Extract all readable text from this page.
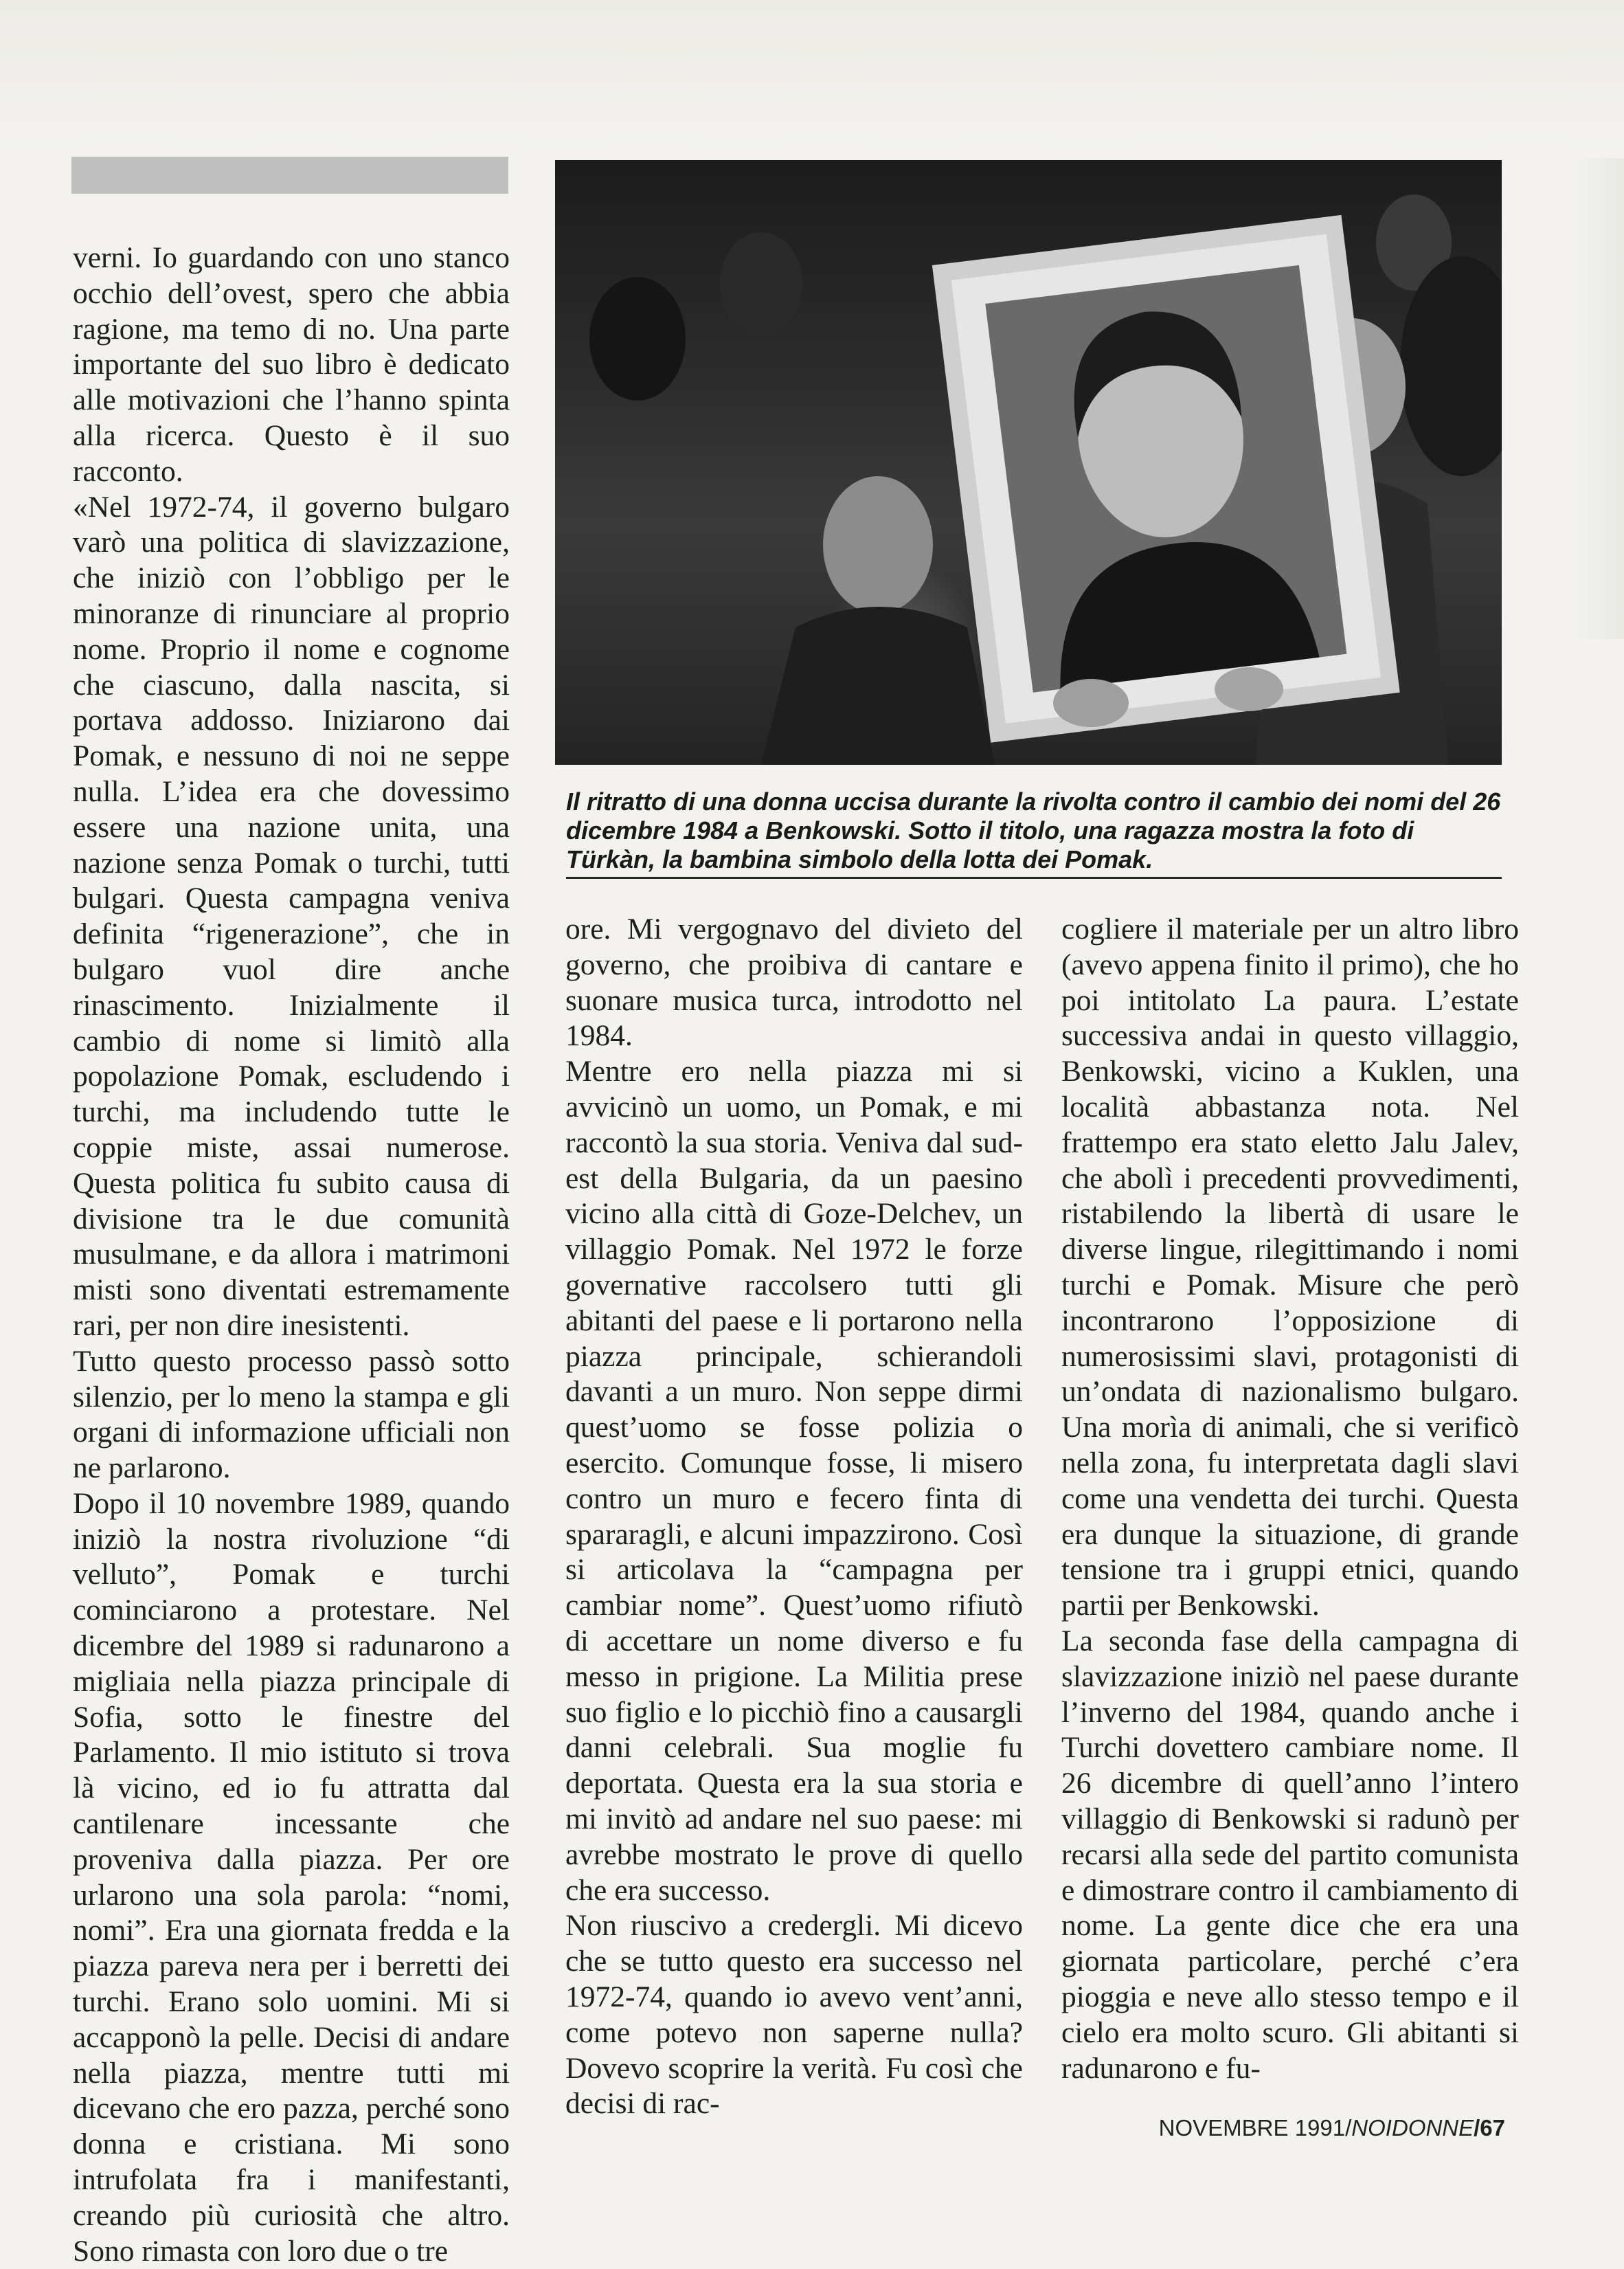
verni. Io guardando con uno stanco occhio dell’ovest, spero che abbia ragione, ma temo di no. Una parte importante del suo libro è dedicato alle motivazioni che l’hanno spinta alla ricerca. Questo è il suo racconto.

«Nel 1972-74, il governo bulgaro varò una politica di slavizzazione, che iniziò con l’obbligo per le minoranze di rinunciare al proprio nome. Proprio il nome e cognome che ciascuno, dalla nascita, si portava addosso. Iniziarono dai Pomak, e nessuno di noi ne seppe nulla. L’idea era che dovessimo essere una nazione unita, una nazione senza Pomak o turchi, tutti bulgari. Questa campagna veniva definita “rigenerazione”, che in bulgaro vuol dire anche rinascimento. Inizialmente il cambio di nome si limitò alla popolazione Pomak, escludendo i turchi, ma includendo tutte le coppie miste, assai numerose. Questa politica fu subito causa di divisione tra le due comunità musulmane, e da allora i matrimoni misti sono diventati estremamente rari, per non dire inesistenti.

Tutto questo processo passò sotto silenzio, per lo meno la stampa e gli organi di informazione ufficiali non ne parlarono.

Dopo il 10 novembre 1989, quando iniziò la nostra rivoluzione “di velluto”, Pomak e turchi cominciarono a protestare. Nel dicembre del 1989 si radunarono a migliaia nella piazza principale di Sofia, sotto le finestre del Parlamento. Il mio istituto si trova là vicino, ed io fu attratta dal cantilenare incessante che proveniva dalla piazza. Per ore urlarono una sola parola: “nomi, nomi”. Era una giornata fredda e la piazza pareva nera per i berretti dei turchi. Erano solo uomini. Mi si accapponò la pelle. Decisi di andare nella piazza, mentre tutti mi dicevano che ero pazza, perché sono donna e cristiana. Mi sono intrufolata fra i manifestanti, creando più curiosità che altro. Sono rimasta con loro due o tre

Il ritratto di una donna uccisa durante la rivolta contro il cambio dei nomi del 26 dicembre 1984 a Benkowski. Sotto il titolo, una ragazza mostra la foto di Türkàn, la bambina simbolo della lotta dei Pomak.

ore. Mi vergognavo del divieto del governo, che proibiva di cantare e suonare musica turca, introdotto nel 1984.

Mentre ero nella piazza mi si avvicinò un uomo, un Pomak, e mi raccontò la sua storia. Veniva dal sud-est della Bulgaria, da un paesino vicino alla città di Goze-Delchev, un villaggio Pomak. Nel 1972 le forze governative raccolsero tutti gli abitanti del paese e li portarono nella piazza principale, schierandoli davanti a un muro. Non seppe dirmi quest’uomo se fosse polizia o esercito. Comunque fosse, li misero contro un muro e fecero finta di spararagli, e alcuni impazzirono. Così si articolava la “campagna per cambiar nome”. Quest’uomo rifiutò di accettare un nome diverso e fu messo in prigione. La Militia prese suo figlio e lo picchiò fino a causargli danni celebrali. Sua moglie fu deportata. Questa era la sua storia e mi invitò ad andare nel suo paese: mi avrebbe mostrato le prove di quello che era successo.

Non riuscivo a credergli. Mi dicevo che se tutto questo era successo nel 1972-74, quando io avevo vent’anni, come potevo non saperne nulla? Dovevo scoprire la verità. Fu così che decisi di rac-

cogliere il materiale per un altro libro (avevo appena finito il primo), che ho poi intitolato La paura. L’estate successiva andai in questo villaggio, Benkowski, vicino a Kuklen, una località abbastanza nota. Nel frattempo era stato eletto Jalu Jalev, che abolì i precedenti provvedimenti, ristabilendo la libertà di usare le diverse lingue, rilegittimando i nomi turchi e Pomak. Misure che però incontrarono l’opposizione di numerosissimi slavi, protagonisti di un’ondata di nazionalismo bulgaro. Una morìa di animali, che si verificò nella zona, fu interpretata dagli slavi come una vendetta dei turchi. Questa era dunque la situazione, di grande tensione tra i gruppi etnici, quando partii per Benkowski.

La seconda fase della campagna di slavizzazione iniziò nel paese durante l’inverno del 1984, quando anche i Turchi dovettero cambiare nome. Il 26 dicembre di quell’anno l’intero villaggio di Benkowski si radunò per recarsi alla sede del partito comunista e dimostrare contro il cambiamento di nome. La gente dice che era una giornata particolare, perché c’era pioggia e neve allo stesso tempo e il cielo era molto scuro. Gli abitanti si radunarono e fu-

NOVEMBRE 1991/NOIDONNE/67
